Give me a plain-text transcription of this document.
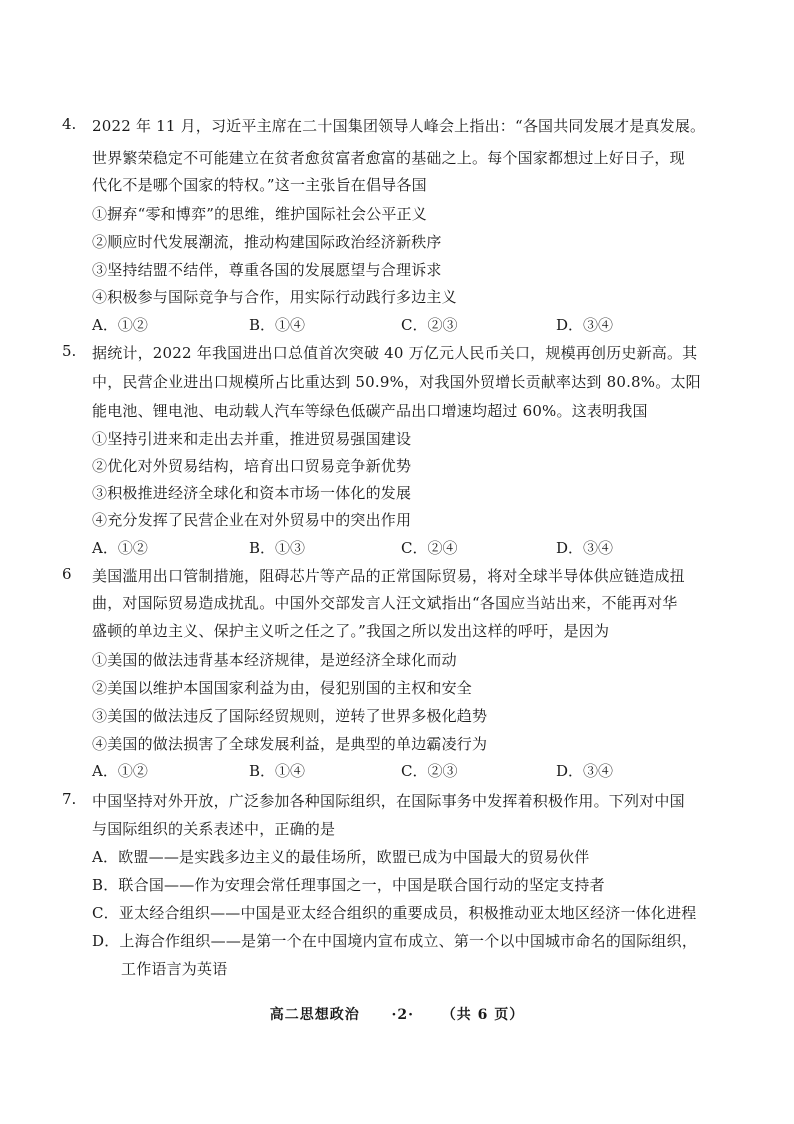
4. 2022 年 11 月，习近平主席在二十国集团领导人峰会上指出：“各国共同发展才是真发展。
世界繁荣稳定不可能建立在贫者愈贫富者愈富的基础之上。每个国家都想过上好日子，现
代化不是哪个国家的特权。”这一主张旨在倡导各国
①摒弃“零和博弈”的思维，维护国际社会公平正义
②顺应时代发展潮流，推动构建国际政治经济新秩序
③坚持结盟不结伴，尊重各国的发展愿望与合理诉求
④积极参与国际竞争与合作，用实际行动践行多边主义
A．①②	B．①④	C．②③	D．③④
5. 据统计，2022 年我国进出口总值首次突破 40 万亿元人民币关口，规模再创历史新高。其
中，民营企业进出口规模所占比重达到 50.9%，对我国外贸增长贡献率达到 80.8%。太阳
能电池、锂电池、电动载人汽车等绿色低碳产品出口增速均超过 60%。这表明我国
①坚持引进来和走出去并重，推进贸易强国建设
②优化对外贸易结构，培育出口贸易竞争新优势
③积极推进经济全球化和资本市场一体化的发展
④充分发挥了民营企业在对外贸易中的突出作用
A．①②	B．①③	C．②④	D．③④
6 美国滥用出口管制措施，阻碍芯片等产品的正常国际贸易，将对全球半导体供应链造成扭
曲，对国际贸易造成扰乱。中国外交部发言人汪文斌指出“各国应当站出来，不能再对华
盛顿的单边主义、保护主义听之任之了。”我国之所以发出这样的呼吁，是因为
①美国的做法违背基本经济规律，是逆经济全球化而动
②美国以维护本国国家利益为由，侵犯别国的主权和安全
③美国的做法违反了国际经贸规则，逆转了世界多极化趋势
④美国的做法损害了全球发展利益，是典型的单边霸凌行为
A．①②	B．①④	C．②③	D．③④
7. 中国坚持对外开放，广泛参加各种国际组织，在国际事务中发挥着积极作用。下列对中国
与国际组织的关系表述中，正确的是
A．欧盟——是实践多边主义的最佳场所，欧盟已成为中国最大的贸易伙伴
B．联合国——作为安理会常任理事国之一，中国是联合国行动的坚定支持者
C．亚太经合组织——中国是亚太经合组织的重要成员，积极推动亚太地区经济一体化进程
D．上海合作组织——是第一个在中国境内宣布成立、第一个以中国城市命名的国际组织，
工作语言为英语
高二思想政治 ·2· （共 6 页）
